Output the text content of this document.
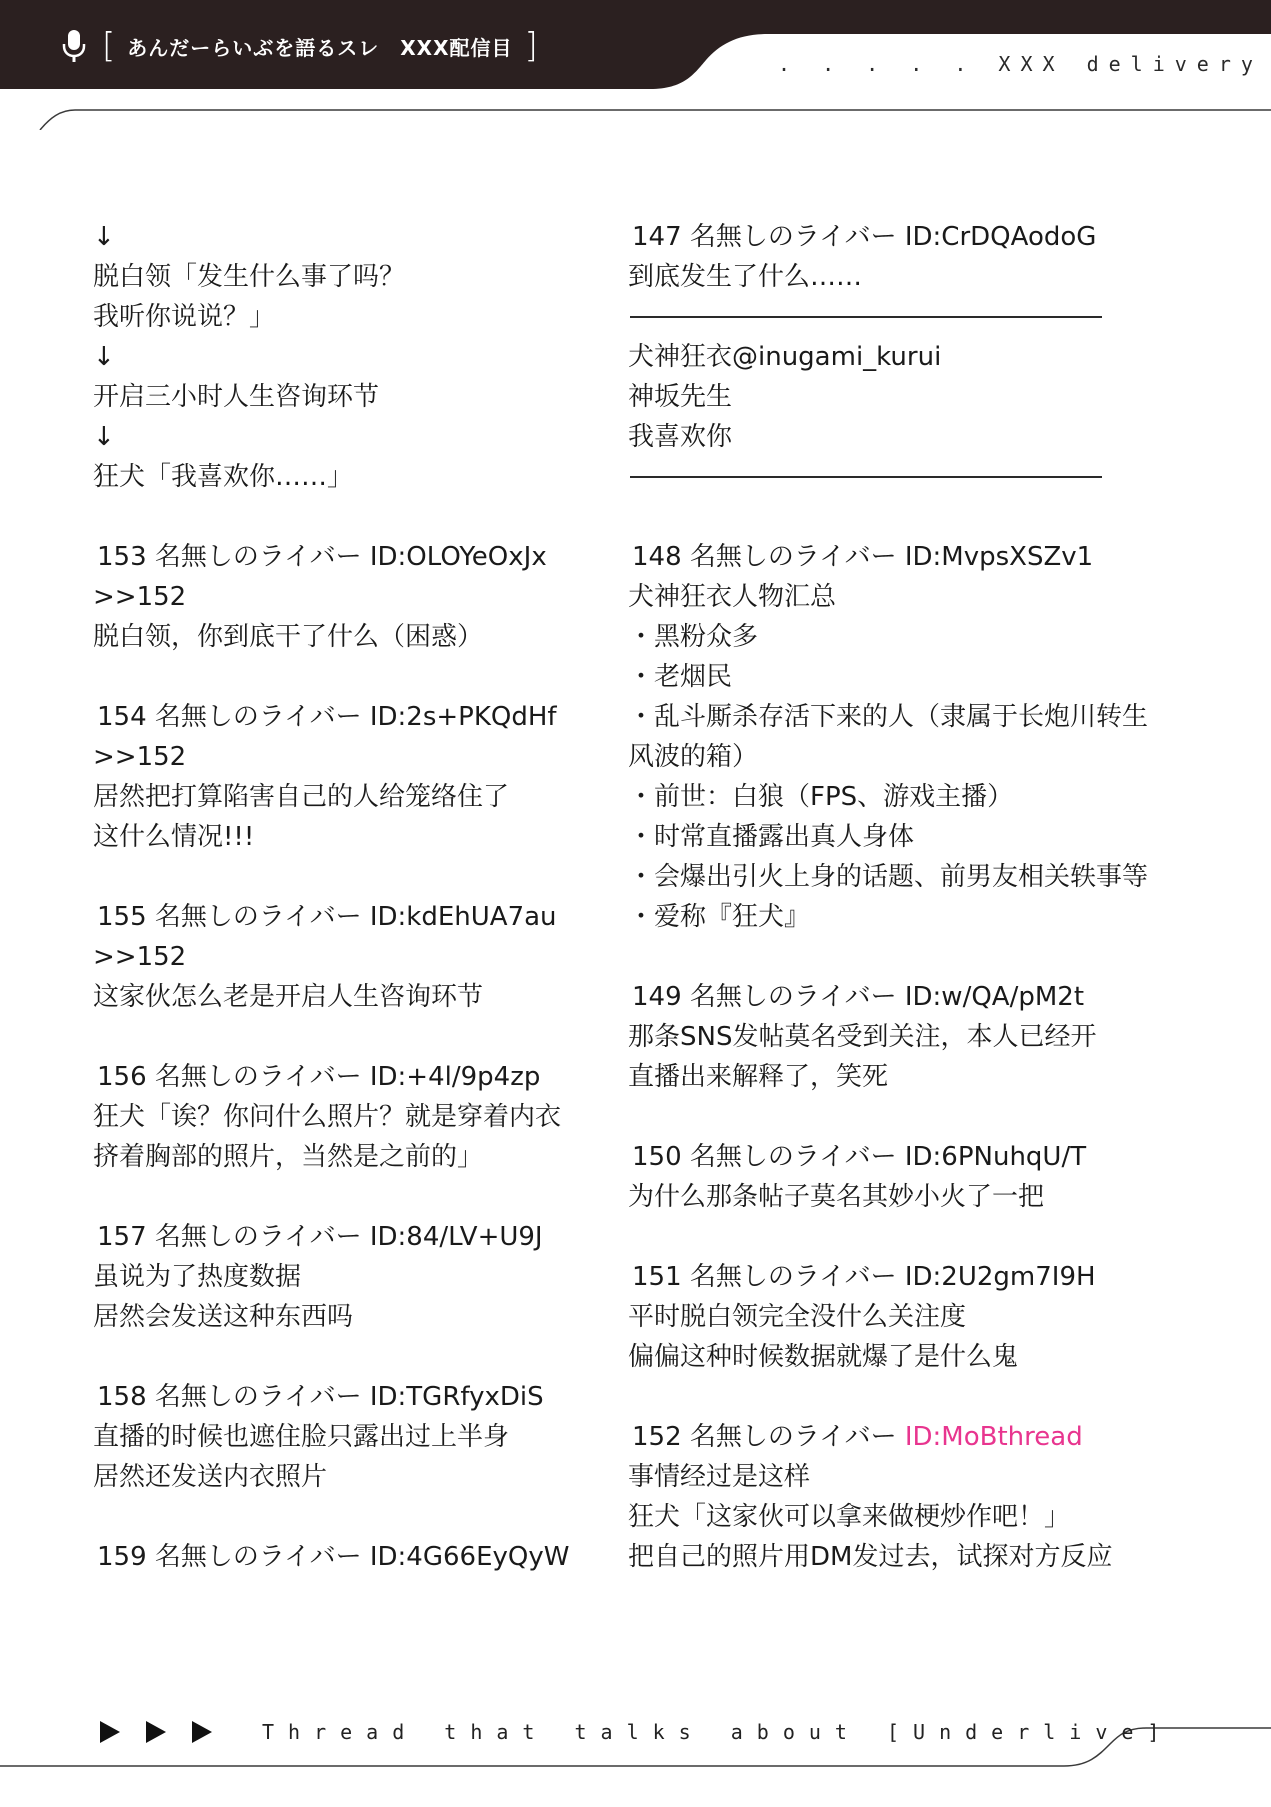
[ あんだーらいぶを語るスレ　XXX配信目 ]	. . . . . XXX delivery
↓
脱白领「发生什么事了吗？
我听你说说？」
↓
开启三小时人生咨询环节
↓
狂犬「我喜欢你……」
153 名無しのライバー ID:OLOYeOxJx
>>152
脱白领，你到底干了什么（困惑）
154 名無しのライバー ID:2s+PKQdHf
>>152
居然把打算陷害自己的人给笼络住了
这什么情况!!!
155 名無しのライバー ID:kdEhUA7au
>>152
这家伙怎么老是开启人生咨询环节
156 名無しのライバー ID:+4l/9p4zp
狂犬「诶？你问什么照片？就是穿着内衣
挤着胸部的照片，当然是之前的」
157 名無しのライバー ID:84/LV+U9J
虽说为了热度数据
居然会发送这种东西吗
158 名無しのライバー ID:TGRfyxDiS
直播的时候也遮住脸只露出过上半身
居然还发送内衣照片
159 名無しのライバー ID:4G66EyQyW
147 名無しのライバー ID:CrDQAodoG
到底发生了什么……
犬神狂衣@inugami_kurui
神坂先生
我喜欢你
148 名無しのライバー ID:MvpsXSZv1
犬神狂衣人物汇总
・黑粉众多
・老烟民
・乱斗厮杀存活下来的人（隶属于长炮川转生
风波的箱）
・前世：白狼（FPS、游戏主播）
・时常直播露出真人身体
・会爆出引火上身的话题、前男友相关轶事等
・爱称『狂犬』
149 名無しのライバー ID:w/QA/pM2t
那条SNS发帖莫名受到关注，本人已经开
直播出来解释了，笑死
150 名無しのライバー ID:6PNuhqU/T
为什么那条帖子莫名其妙小火了一把
151 名無しのライバー ID:2U2gm7I9H
平时脱白领完全没什么关注度
偏偏这种时候数据就爆了是什么鬼
152 名無しのライバー ID:MoBthread
事情经过是这样
狂犬「这家伙可以拿来做梗炒作吧！」
把自己的照片用DM发过去，试探对方反应
Thread that talks about [Underlive]
